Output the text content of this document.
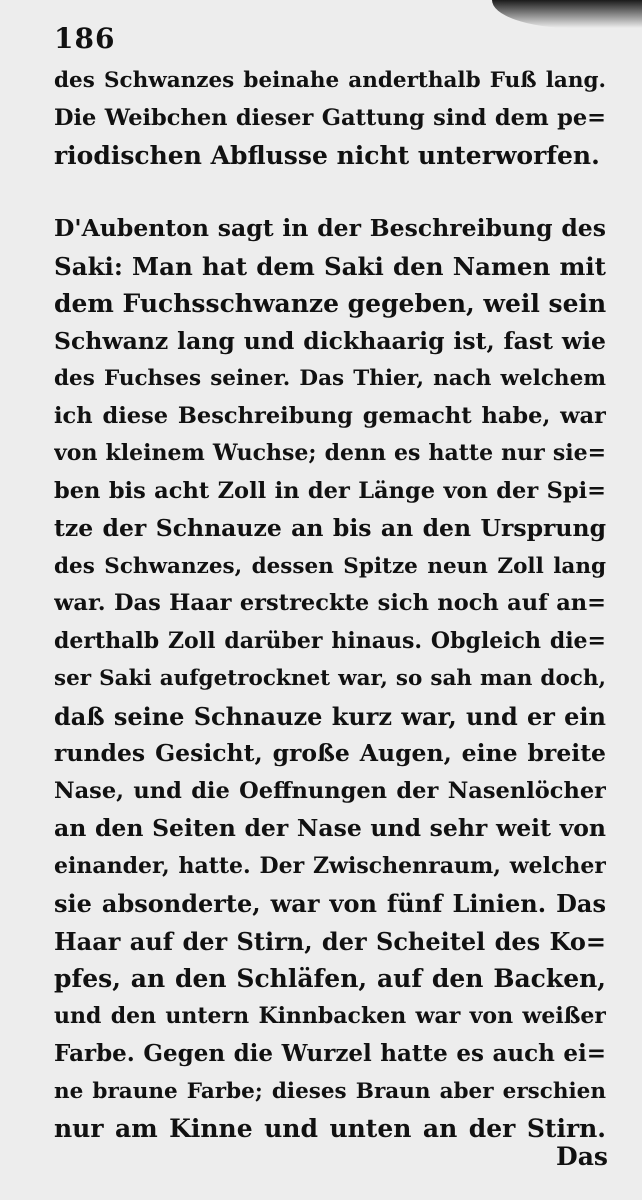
186
des Schwanzes beinahe anderthalb Fuß lang.
Die Weibchen dieser Gattung sind dem pe=
riodischen Abflusse nicht unterworfen.
D'Aubenton sagt in der Beschreibung des
Saki: Man hat dem Saki den Namen mit
dem Fuchsschwanze gegeben, weil sein
Schwanz lang und dickhaarig ist, fast wie
des Fuchses seiner. Das Thier, nach welchem
ich diese Beschreibung gemacht habe, war
von kleinem Wuchse; denn es hatte nur sie=
ben bis acht Zoll in der Länge von der Spi=
tze der Schnauze an bis an den Ursprung
des Schwanzes, dessen Spitze neun Zoll lang
war. Das Haar erstreckte sich noch auf an=
derthalb Zoll darüber hinaus. Obgleich die=
ser Saki aufgetrocknet war, so sah man doch,
daß seine Schnauze kurz war, und er ein
rundes Gesicht, große Augen, eine breite
Nase, und die Oeffnungen der Nasenlöcher
an den Seiten der Nase und sehr weit von
einander, hatte. Der Zwischenraum, welcher
sie absonderte, war von fünf Linien. Das
Haar auf der Stirn, der Scheitel des Ko=
pfes, an den Schläfen, auf den Backen,
und den untern Kinnbacken war von weißer
Farbe. Gegen die Wurzel hatte es auch ei=
ne braune Farbe; dieses Braun aber erschien
nur am Kinne und unten an der Stirn.
Das
